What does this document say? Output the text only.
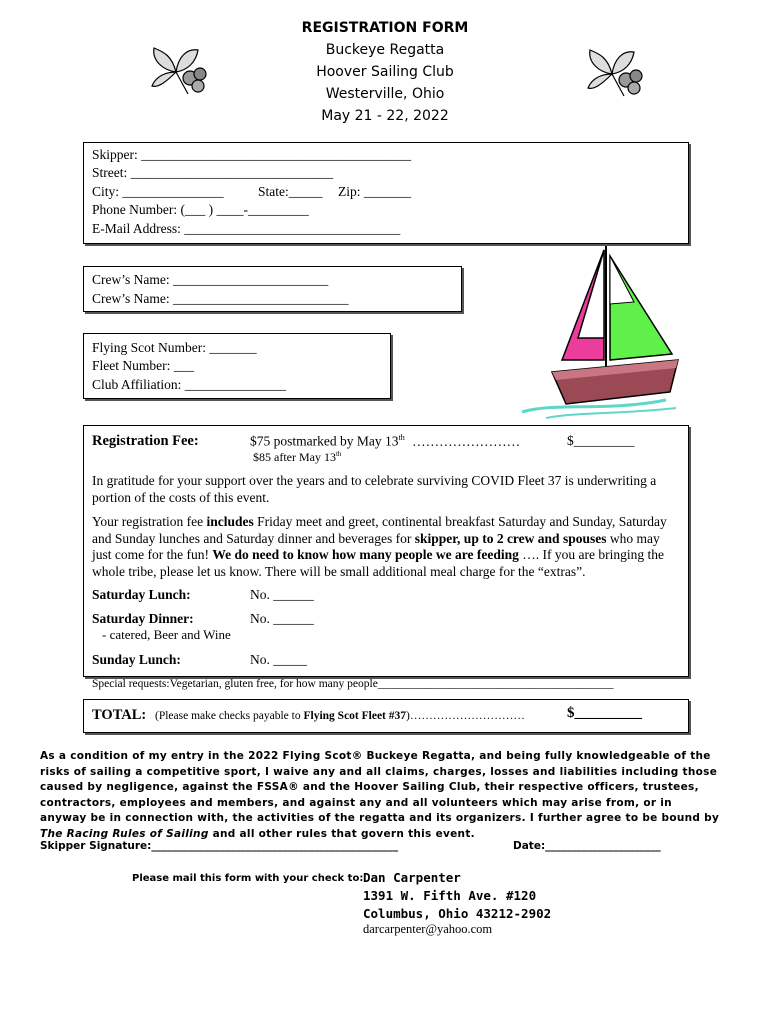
REGISTRATION FORM
Buckeye Regatta
Hoover Sailing Club
Westerville, Ohio
May 21 - 22, 2022
Skipper: ________________________________________
Street: ______________________________
City: _______________	State:_____ Zip: _______
Phone Number: (___ ) ____-_________
E-Mail Address: ________________________________
Crew’s Name: _______________________
Crew’s Name: __________________________
Flying Scot Number: _______
Fleet Number: ___
Club Affiliation: _______________
Registration Fee:	$75 postmarked by May 13th ……………………	$_________
$85 after May 13th
In gratitude for your support over the years and to celebrate surviving COVID Fleet 37 is underwriting a portion of the costs of this event.
Your registration fee includes Friday meet and greet, continental breakfast Saturday and Sunday, Saturday and Sunday lunches and Saturday dinner and beverages for skipper, up to 2 crew and spouses who may just come for the fun! We do need to know how many people we are feeding …. If you are bringing the whole tribe, please let us know. There will be small additional meal charge for the “extras”.
Saturday Lunch:	No. ______
Saturday Dinner:	No. ______
- catered, Beer and Wine
Sunday Lunch:	No. _____
Special requests:Vegetarian, gluten free, for how many people_________________________________________
TOTAL: (Please make checks payable to Flying Scot Fleet #37)…………………………	$_________
As a condition of my entry in the 2022 Flying Scot® Buckeye Regatta, and being fully knowledgeable of the risks of sailing a competitive sport, I waive any and all claims, charges, losses and liabilities including those caused by negligence, against the FSSA® and the Hoover Sailing Club, their respective officers, trustees, contractors, employees and members, and against any and all volunteers which may arise from, or in anyway be in connection with, the activities of the regatta and its organizers. I further agree to be bound by The Racing Rules of Sailing and all other rules that govern this event.
Skipper Signature:_______________________________________________	Date:______________________
Please mail this form with your check to: Dan Carpenter
1391 W. Fifth Ave. #120
Columbus, Ohio 43212-2902
darcarpenter@yahoo.com
